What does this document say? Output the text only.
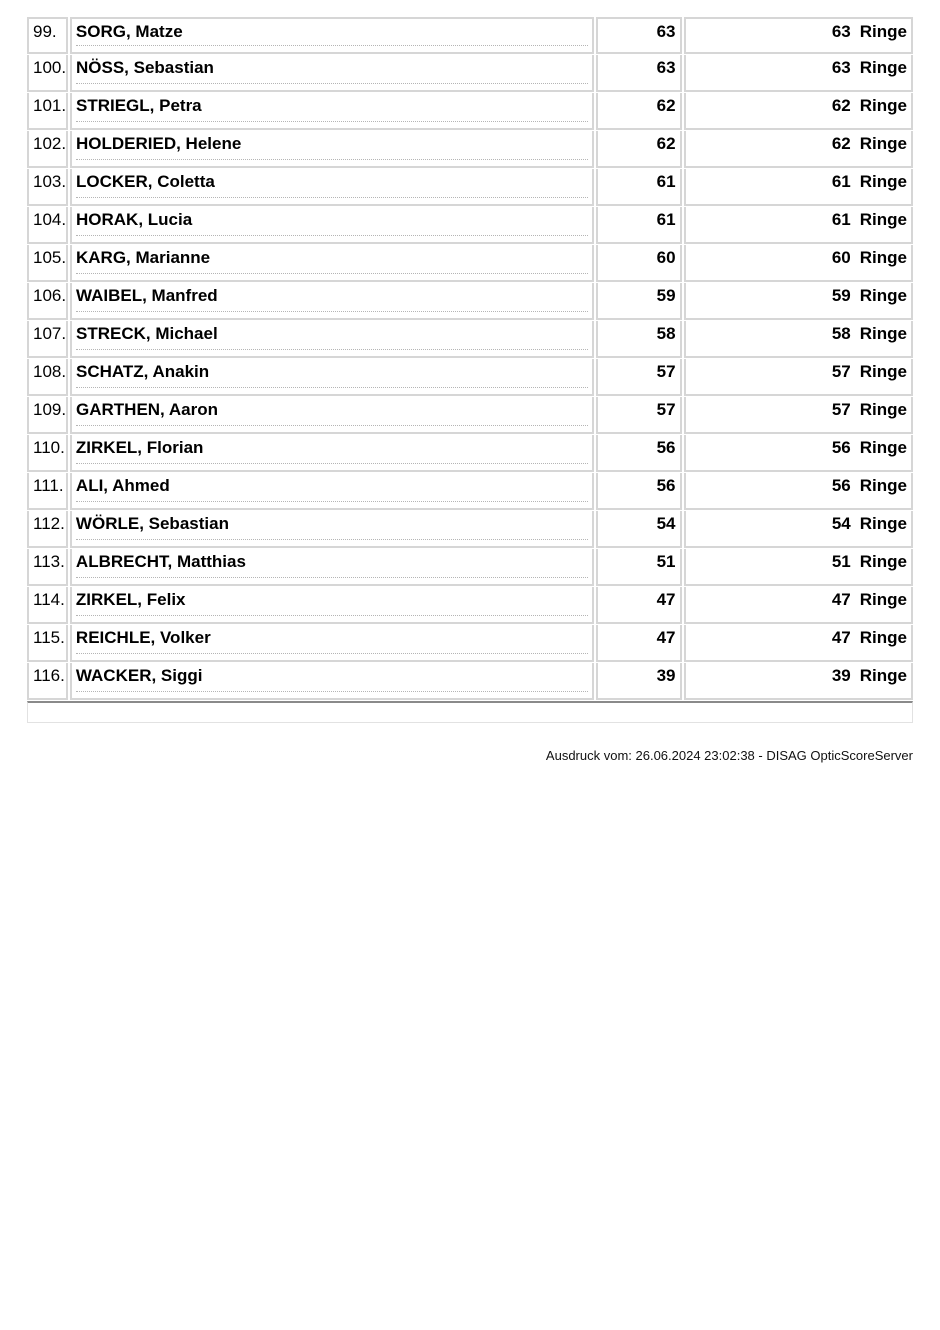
99.	SORG, Matze	63	63 Ringe
100. NÖSS, Sebastian	63	63 Ringe
101. STRIEGL, Petra	62	62 Ringe
102. HOLDERIED, Helene	62	62 Ringe
103. LOCKER, Coletta	61	61 Ringe
104. HORAK, Lucia	61	61 Ringe
105. KARG, Marianne	60	60 Ringe
106. WAIBEL, Manfred	59	59 Ringe
107. STRECK, Michael	58	58 Ringe
108. SCHATZ, Anakin	57	57 Ringe
109. GARTHEN, Aaron	57	57 Ringe
110. ZIRKEL, Florian	56	56 Ringe
111. ALI, Ahmed	56	56 Ringe
112. WÖRLE, Sebastian	54	54 Ringe
113. ALBRECHT, Matthias	51	51 Ringe
114. ZIRKEL, Felix	47	47 Ringe
115. REICHLE, Volker	47	47 Ringe
116. WACKER, Siggi	39	39 Ringe
Ausdruck vom: 26.06.2024 23:02:38 - DISAG OpticScoreServer
